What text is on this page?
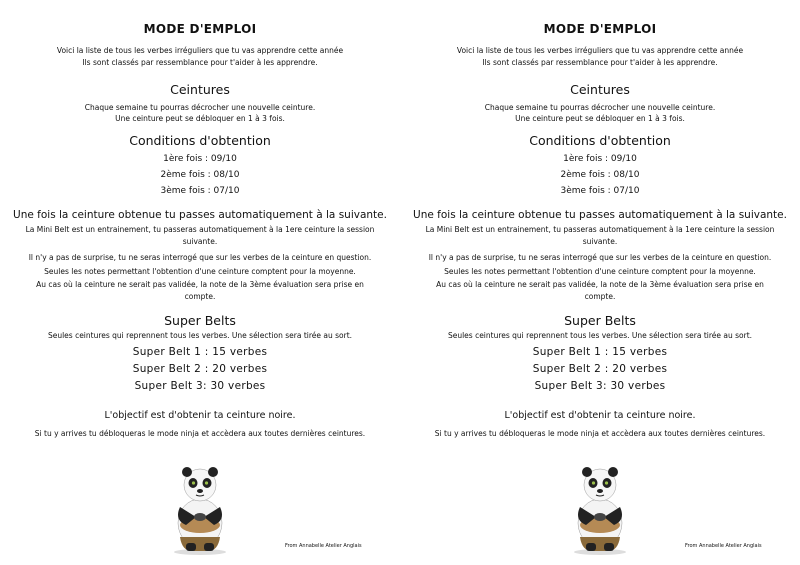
MODE D'EMPLOI

Voici la liste de tous les verbes irréguliers que tu vas apprendre cette année

Ils sont classés par ressemblance pour t'aider à les apprendre.

Ceintures

Chaque semaine tu pourras décrocher une nouvelle ceinture.

Une ceinture peut se débloquer en 1 à 3 fois.

Conditions d'obtention

1ère fois : 09/10

2ème fois : 08/10

3ème fois : 07/10

Une fois la ceinture obtenue tu passes automatiquement à la suivante.

La Mini Belt est un entrainement, tu passeras automatiquement à la 1ere ceinture la session suivante.

Il n'y a pas de surprise, tu ne seras interrogé que sur les verbes de la ceinture en question.

Seules les notes permettant l'obtention d'une ceinture comptent pour la moyenne.

Au cas où la ceinture ne serait pas validée, la note de la 3ème évaluation sera prise en compte.

Super Belts

Seules ceintures qui reprennent tous les verbes. Une sélection sera tirée au sort.

Super Belt 1 : 15 verbes

Super Belt 2 : 20 verbes

Super Belt 3: 30 verbes

L'objectif est d'obtenir ta ceinture noire.

Si tu y arrives tu débloqueras le mode ninja et accèdera aux toutes dernières ceintures.

From Annabelle Atelier Anglais

MODE D'EMPLOI

Voici la liste de tous les verbes irréguliers que tu vas apprendre cette année

Ils sont classés par ressemblance pour t'aider à les apprendre.

Ceintures

Chaque semaine tu pourras décrocher une nouvelle ceinture.

Une ceinture peut se débloquer en 1 à 3 fois.

Conditions d'obtention

1ère fois : 09/10

2ème fois : 08/10

3ème fois : 07/10

Une fois la ceinture obtenue tu passes automatiquement à la suivante.

La Mini Belt est un entrainement, tu passeras automatiquement à la 1ere ceinture la session suivante.

Il n'y a pas de surprise, tu ne seras interrogé que sur les verbes de la ceinture en question.

Seules les notes permettant l'obtention d'une ceinture comptent pour la moyenne.

Au cas où la ceinture ne serait pas validée, la note de la 3ème évaluation sera prise en compte.

Super Belts

Seules ceintures qui reprennent tous les verbes. Une sélection sera tirée au sort.

Super Belt 1 : 15 verbes

Super Belt 2 : 20 verbes

Super Belt 3: 30 verbes

L'objectif est d'obtenir ta ceinture noire.

Si tu y arrives tu débloqueras le mode ninja et accèdera aux toutes dernières ceintures.

From Annabelle Atelier Anglais
